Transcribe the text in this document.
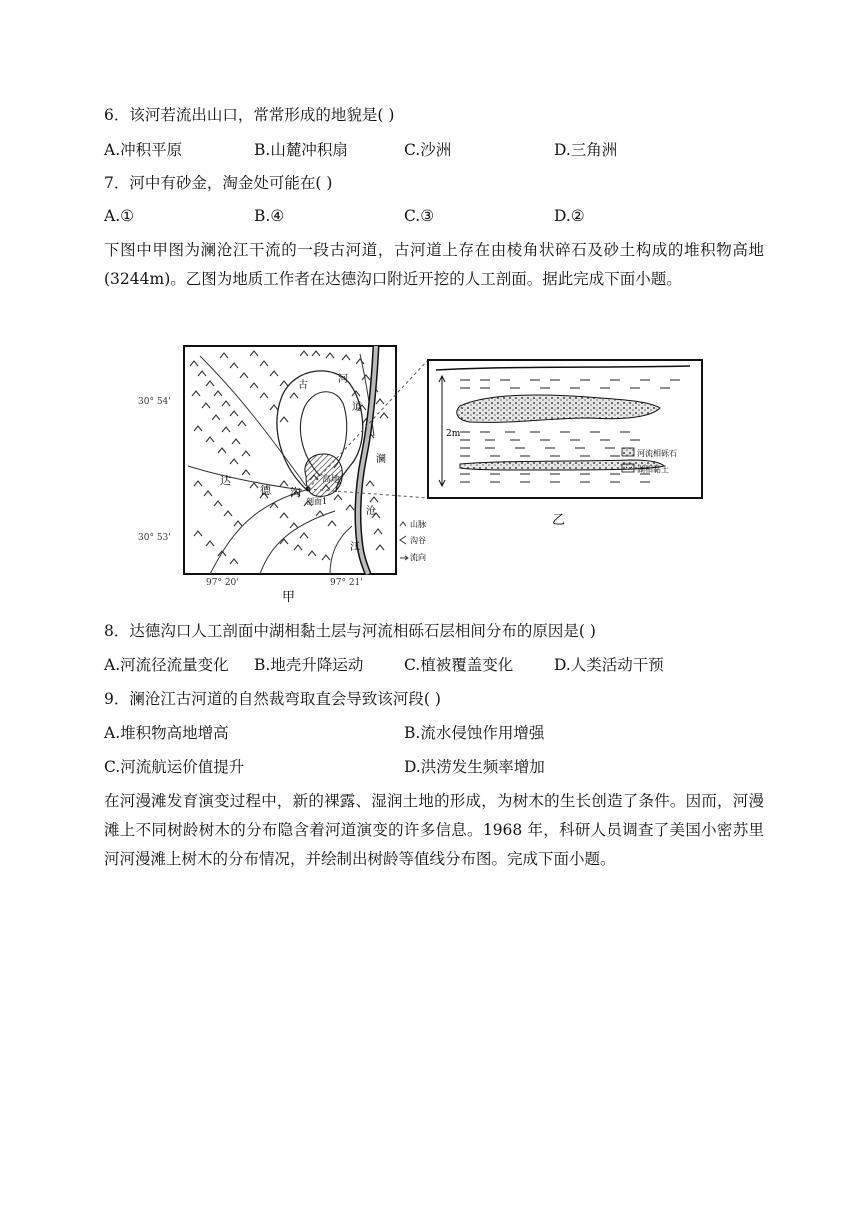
6．该河若流出山口，常常形成的地貌是( )
A.冲积平原	B.山麓冲积扇	C.沙洲	D.三角洲
7．河中有砂金，淘金处可能在( )
A.①	B.④	C.③	D.②
下图中甲图为澜沧江干流的一段古河道，古河道上存在由棱角状碎石及砂土构成的堆积物高地(3244m)。乙图为地质工作者在达德沟口附近开挖的人工剖面。据此完成下面小题。
高地
古
河
道
达
德 沟
剖面1
澜
沧
江
山脉
沟谷
流向
30° 54'
30° 53'
97° 20'	97° 21'
甲
2m
河流相砾石
湖相黏土
乙
8．达德沟口人工剖面中湖相黏土层与河流相砾石层相间分布的原因是( )
A.河流径流量变化 B.地壳升降运动	C.植被覆盖变化	D.人类活动干预
9．澜沧江古河道的自然裁弯取直会导致该河段( )
A.堆积物高地增高	B.流水侵蚀作用增强
C.河流航运价值提升	D.洪涝发生频率增加
在河漫滩发育演变过程中，新的裸露、湿润土地的形成，为树木的生长创造了条件。因而，河漫滩上不同树龄树木的分布隐含着河道演变的许多信息。1968 年，科研人员调查了美国小密苏里河河漫滩上树木的分布情况，并绘制出树龄等值线分布图。完成下面小题。
